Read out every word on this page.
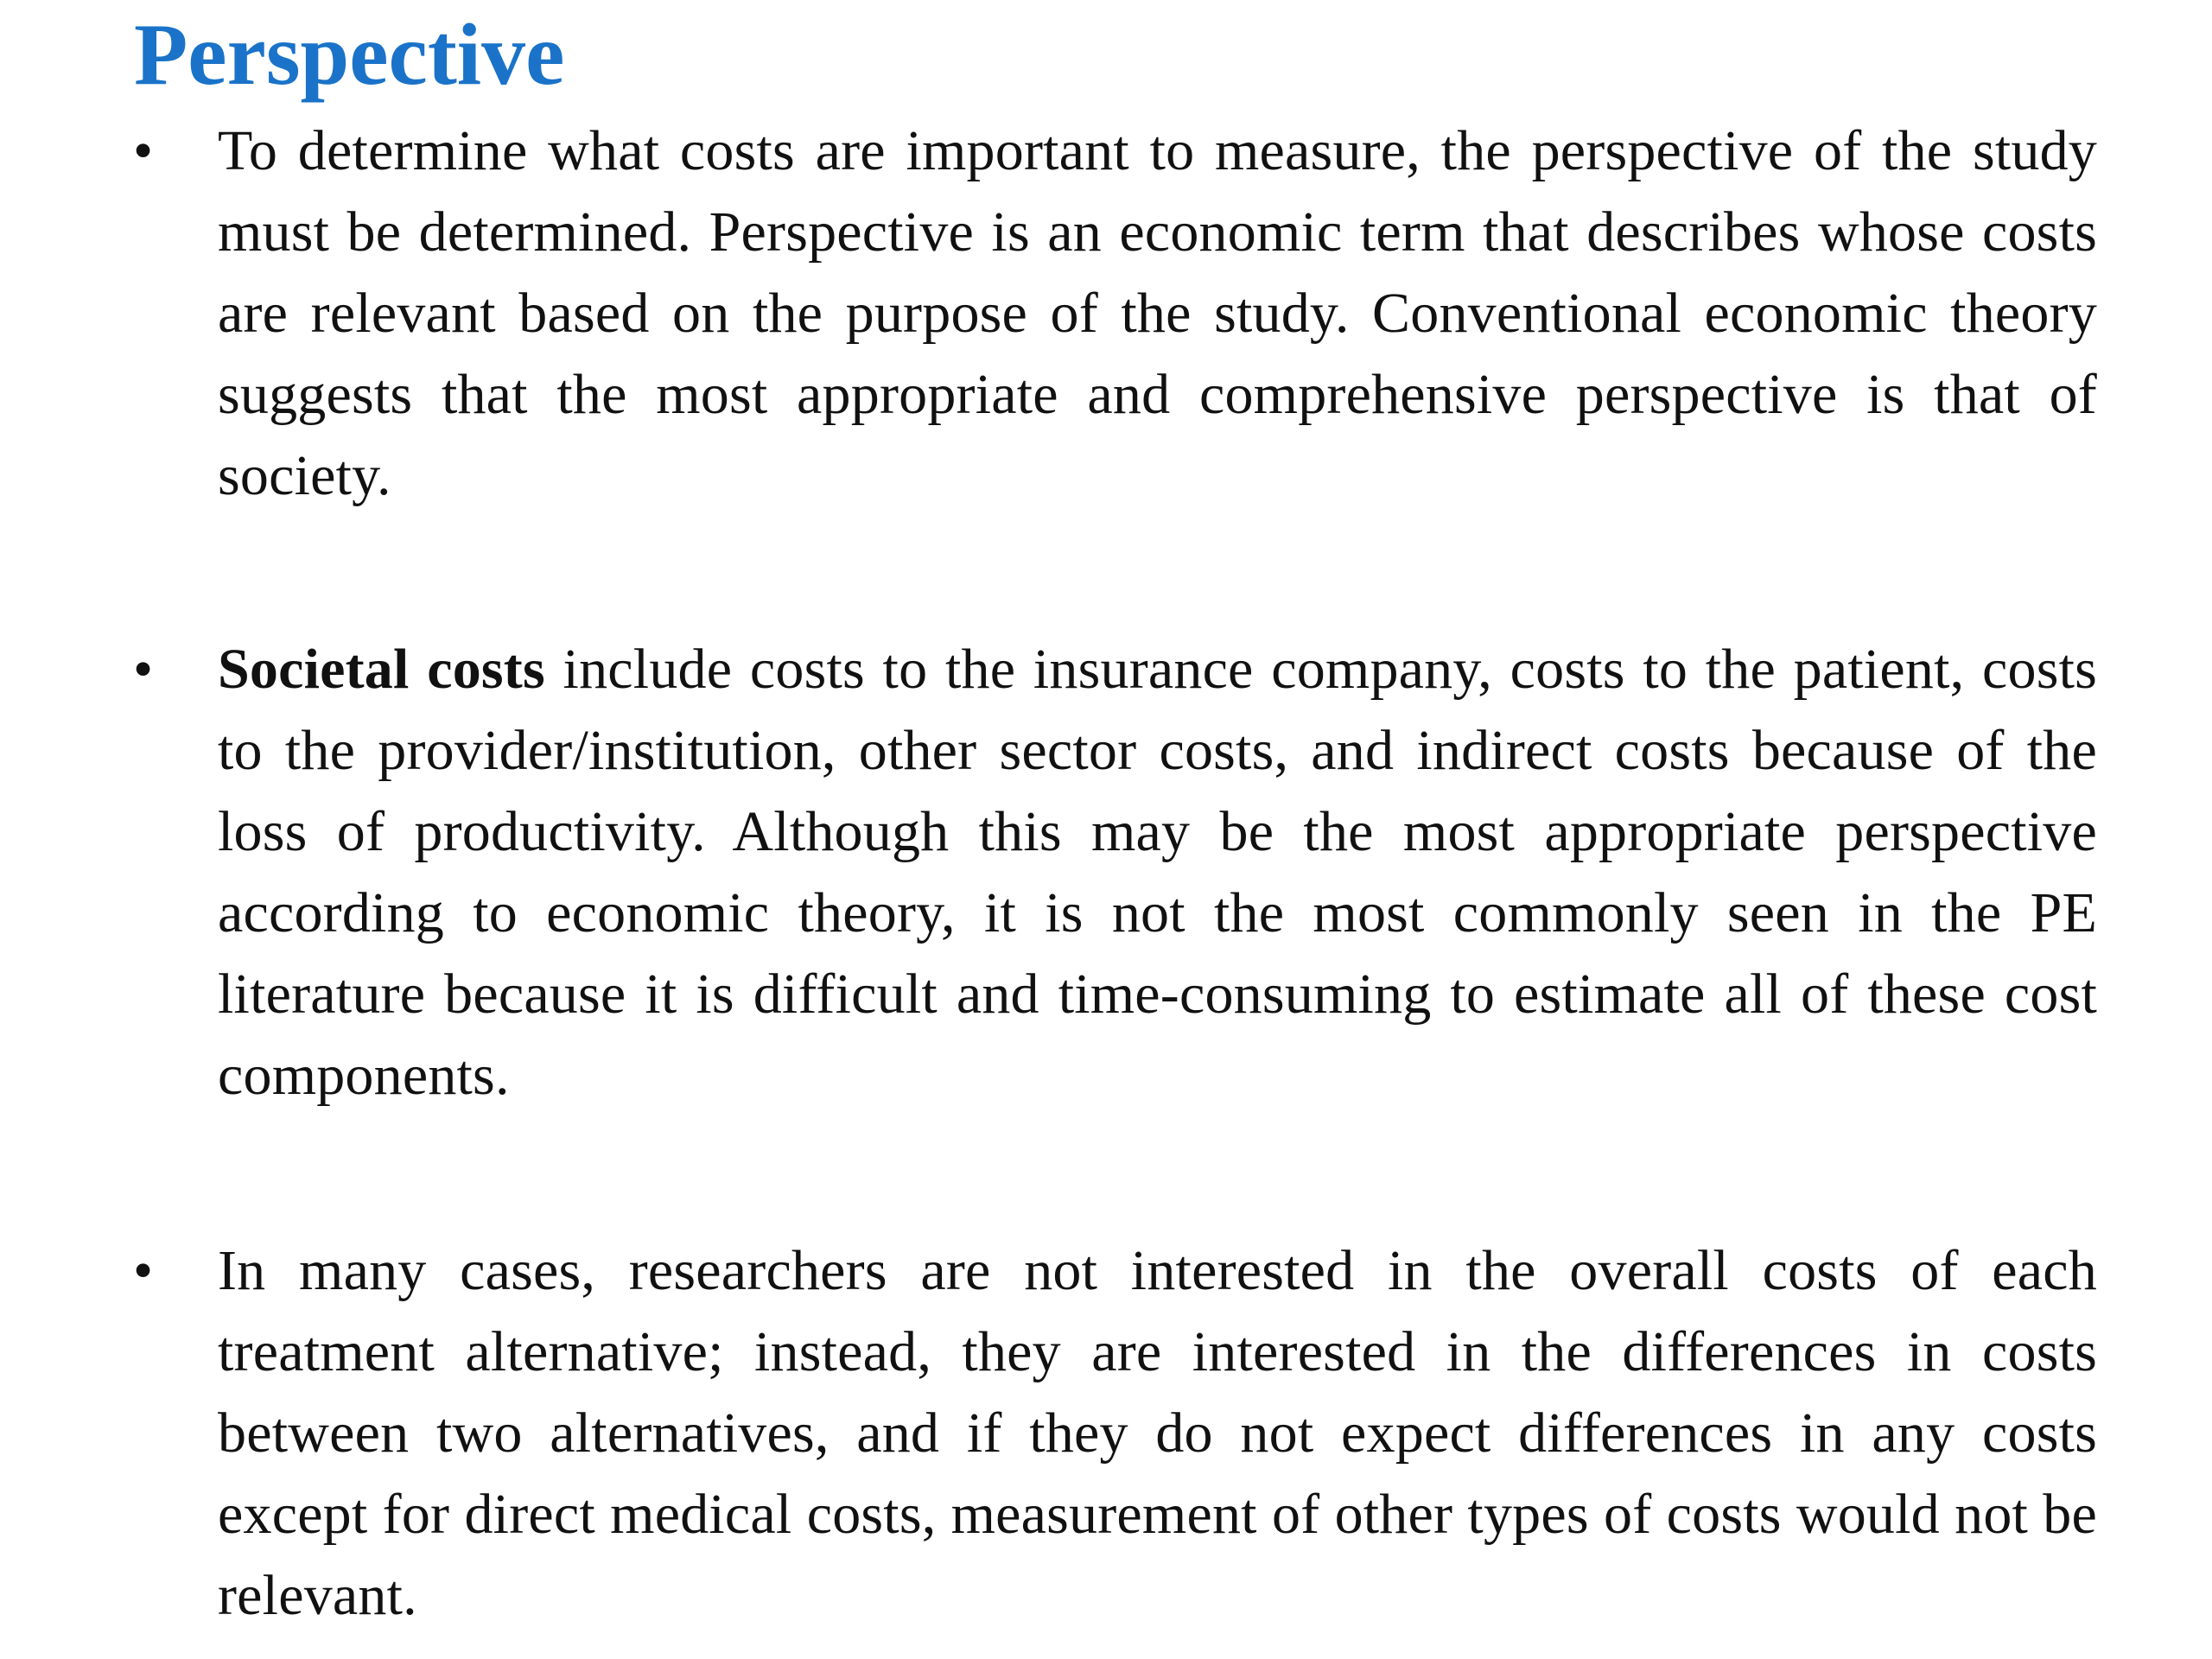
Perspective
• To determine what costs are important to measure, the perspective of the study must be determined. Perspective is an economic term that describes whose costs are relevant based on the purpose of the study. Conventional economic theory suggests that the most appropriate and comprehensive perspective is that of society.

• Societal costs include costs to the insurance company, costs to the patient, costs to the provider/institution, other sector costs, and indirect costs because of the loss of productivity. Although this may be the most appropriate perspective according to economic theory, it is not the most commonly seen in the PE literature because it is difficult and time-consuming to estimate all of these cost components.

• In many cases, researchers are not interested in the overall costs of each treatment alternative; instead, they are interested in the differences in costs between two alternatives, and if they do not expect differences in any costs except for direct medical costs, measurement of other types of costs would not be relevant.
